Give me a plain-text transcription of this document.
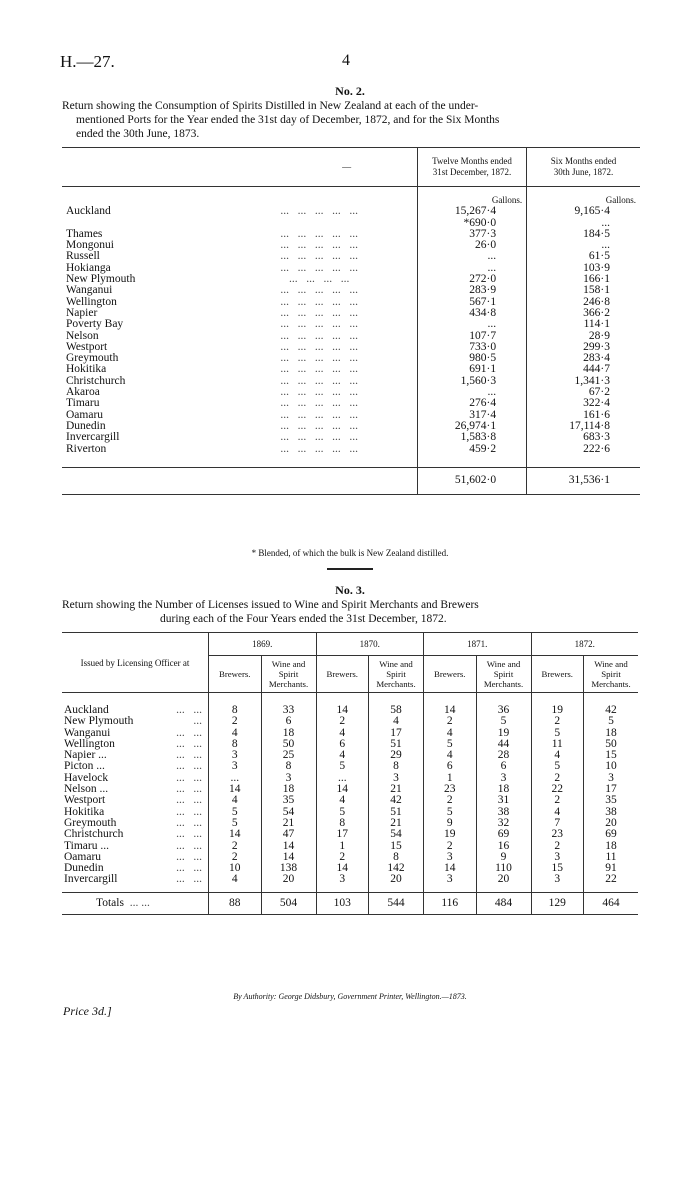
H.—27.	4
No. 2.
Return showing the Consumption of Spirits Distilled in New Zealand at each of the under-
mentioned Ports for the Year ended the 31st day of December, 1872, and for the Six Months
ended the 30th June, 1873.
	—	Twelve Months ended
31st December, 1872.	Six Months ended
30th June, 1872.
		Gallons.	Gallons.
Auckland	...   ...   ...   ...   ...	15,267·4	9,165·4
		*690·0	...
Thames	...   ...   ...   ...   ...	377·3	184·5
Mongonui	...   ...   ...   ...   ...	26·0	...
Russell	...   ...   ...   ...   ...	...	61·5
Hokianga	...   ...   ...   ...   ...	...	103·9
New Plymouth	...   ...   ...   ...	272·0	166·1
Wanganui	...   ...   ...   ...   ...	283·9	158·1
Wellington	...   ...   ...   ...   ...	567·1	246·8
Napier	...   ...   ...   ...   ...	434·8	366·2
Poverty Bay	...   ...   ...   ...   ...	...	114·1
Nelson	...   ...   ...   ...   ...	107·7	28·9
Westport	...   ...   ...   ...   ...	733·0	299·3
Greymouth	...   ...   ...   ...   ...	980·5	283·4
Hokitika	...   ...   ...   ...   ...	691·1	444·7
Christchurch	...   ...   ...   ...   ...	1,560·3	1,341·3
Akaroa	...   ...   ...   ...   ...	...	67·2
Timaru	...   ...   ...   ...   ...	276·4	322·4
Oamaru	...   ...   ...   ...   ...	317·4	161·6
Dunedin	...   ...   ...   ...   ...	26,974·1	17,114·8
Invercargill	...   ...   ...   ...   ...	1,583·8	683·3
Riverton	...   ...   ...   ...   ...	459·2	222·6

		51,602·0	31,536·1
* Blended, of which the bulk is New Zealand distilled.
No. 3.
Return showing the Number of Licenses issued to Wine and Spirit Merchants and Brewers
during each of the Four Years ended the 31st December, 1872.
Issued by Licensing Officer at	1869.		1870.		1871.		1872.	
	Brewers.	Wine and Spirit Merchants.	Brewers.	Wine and Spirit Merchants.	Brewers.	Wine and Spirit Merchants.	Brewers.	Wine and Spirit Merchants.

Auckland ...   ...	8	33	14	58	14	36	19	42
New Plymouth ...	2	6	2	4	2	5	2	5
Wanganui ...   ...	4	18	4	17	4	19	5	18
Wellington ...   ...	8	50	6	51	5	44	11	50
Napier ... ...   ...	3	25	4	29	4	28	4	15
Picton ... ...   ...	3	8	5	8	6	6	5	10
Havelock ...   ...	...	3	...	3	1	3	2	3
Nelson ... ...   ...	14	18	14	21	23	18	22	17
Westport ...   ...	4	35	4	42	2	31	2	35
Hokitika ...   ...	5	54	5	51	5	38	4	38
Greymouth ...   ...	5	21	8	21	9	32	7	20
Christchurch ...   ...	14	47	17	54	19	69	23	69
Timaru ... ...   ...	2	14	1	15	2	16	2	18
Oamaru ...   ...	2	14	2	8	3	9	3	11
Dunedin ...   ...	10	138	14	142	14	110	15	91
Invercargill ...   ...	4	20	3	20	3	20	3	22

Totals ... ...	88	504	103	544	116	484	129	464
By Authority: George Didsbury, Government Printer, Wellington.—1873.
Price 3d.]
